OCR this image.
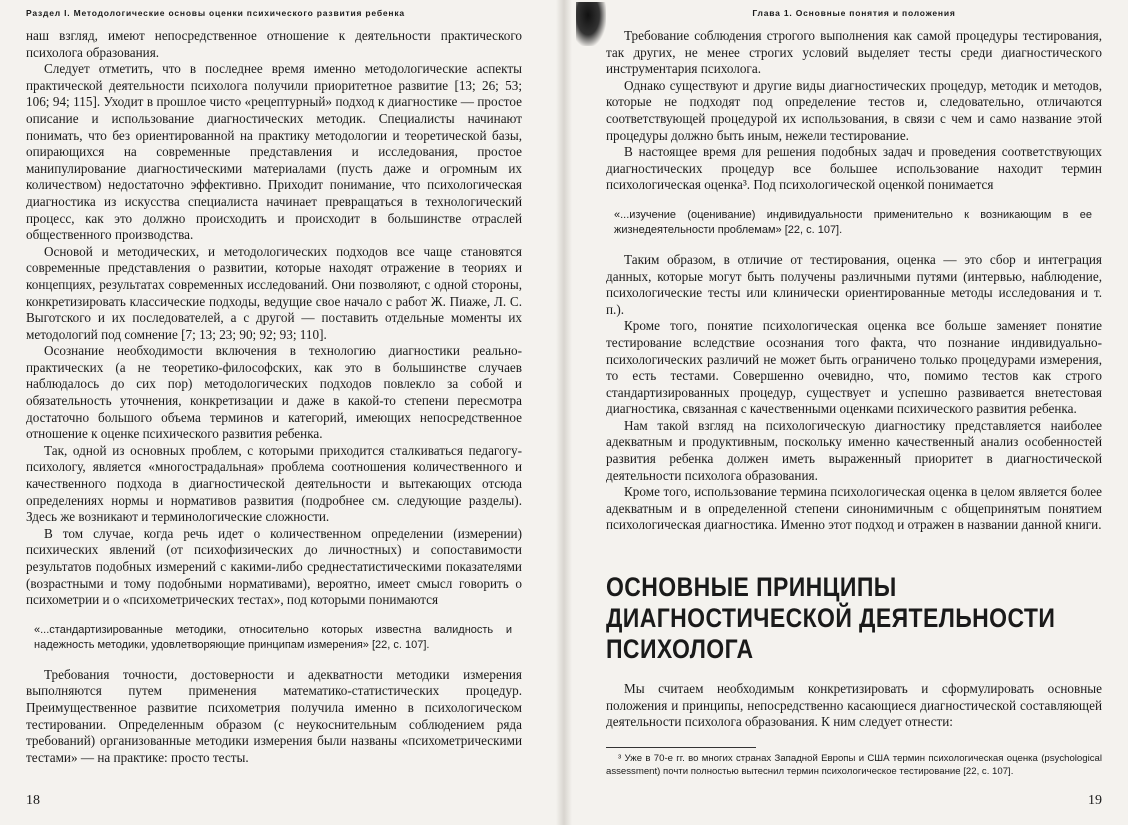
Раздел I. Методологические основы оценки психического развития ребенка

наш взгляд, имеют непосредственное отношение к деятельности практического психолога образования.

Следует отметить, что в последнее время именно методологические аспекты практической деятельности психолога получили приоритетное развитие [13; 26; 53; 106; 94; 115]. Уходит в прошлое чисто «рецептурный» подход к диагностике — простое описание и использование диагностических методик. Специалисты начинают понимать, что без ориентированной на практику методологии и теоретической базы, опирающихся на современные представления и исследования, простое манипулирование диагностическими материалами (пусть даже и огромным их количеством) недостаточно эффективно. Приходит понимание, что психологическая диагностика из искусства специалиста начинает превращаться в технологический процесс, как это должно происходить и происходит в большинстве отраслей общественного производства.

Основой и методических, и методологических подходов все чаще становятся современные представления о развитии, которые находят отражение в теориях и концепциях, результатах современных исследований. Они позволяют, с одной стороны, конкретизировать классические подходы, ведущие свое начало с работ Ж. Пиаже, Л. С. Выготского и их последователей, а с другой — поставить отдельные моменты их методологий под сомнение [7; 13; 23; 90; 92; 93; 110].

Осознание необходимости включения в технологию диагностики реально-практических (а не теоретико-философских, как это в большинстве случаев наблюдалось до сих пор) методологических подходов повлекло за собой и обязательность уточнения, конкретизации и даже в какой-то степени пересмотра достаточно большого объема терминов и категорий, имеющих непосредственное отношение к оценке психического развития ребенка.

Так, одной из основных проблем, с которыми приходится сталкиваться педагогу-психологу, является «многострадальная» проблема соотношения количественного и качественного подхода в диагностической деятельности и вытекающих отсюда определениях нормы и нормативов развития (подробнее см. следующие разделы). Здесь же возникают и терминологические сложности.

В том случае, когда речь идет о количественном определении (измерении) психических явлений (от психофизических до личностных) и сопоставимости результатов подобных измерений с какими-либо среднестатистическими показателями (возрастными и тому подобными нормативами), вероятно, имеет смысл говорить о психометрии и о «психометрических тестах», под которыми понимаются

«...стандартизированные методики, относительно которых известна валидность и надежность методики, удовлетворяющие принципам измерения» [22, с. 107].

Требования точности, достоверности и адекватности методики измерения выполняются путем применения математико-статистических процедур. Преимущественное развитие психометрия получила именно в психологическом тестировании. Определенным образом (с неукоснительным соблюдением ряда требований) организованные методики измерения были названы «психометрическими тестами» — на практике: просто тесты.

18
Глава 1. Основные понятия и положения

Требование соблюдения строгого выполнения как самой процедуры тестирования, так других, не менее строгих условий выделяет тесты среди диагностического инструментария психолога.

Однако существуют и другие виды диагностических процедур, методик и методов, которые не подходят под определение тестов и, следовательно, отличаются соответствующей процедурой их использования, в связи с чем и само название этой процедуры должно быть иным, нежели тестирование.

В настоящее время для решения подобных задач и проведения соответствующих диагностических процедур все большее использование находит термин психологическая оценка³. Под психологической оценкой понимается

«...изучение (оценивание) индивидуальности применительно к возникающим в ее жизнедеятельности проблемам» [22, с. 107].

Таким образом, в отличие от тестирования, оценка — это сбор и интеграция данных, которые могут быть получены различными путями (интервью, наблюдение, психологические тесты или клинически ориентированные методы исследования и т. п.).

Кроме того, понятие психологическая оценка все больше заменяет понятие тестирование вследствие осознания того факта, что познание индивидуально-психологических различий не может быть ограничено только процедурами измерения, то есть тестами. Совершенно очевидно, что, помимо тестов как строго стандартизированных процедур, существует и успешно развивается внетестовая диагностика, связанная с качественными оценками психического развития ребенка.

Нам такой взгляд на психологическую диагностику представляется наиболее адекватным и продуктивным, поскольку именно качественный анализ особенностей развития ребенка должен иметь выраженный приоритет в диагностической деятельности психолога образования.

Кроме того, использование термина психологическая оценка в целом является более адекватным и в определенной степени синонимичным с общепринятым понятием психологическая диагностика. Именно этот подход и отражен в названии данной книги.

ОСНОВНЫЕ ПРИНЦИПЫ ДИАГНОСТИЧЕСКОЙ ДЕЯТЕЛЬНОСТИ ПСИХОЛОГА

Мы считаем необходимым конкретизировать и сформулировать основные положения и принципы, непосредственно касающиеся диагностической составляющей деятельности психолога образования. К ним следует отнести:

³ Уже в 70-е гг. во многих странах Западной Европы и США термин психологическая оценка (psychological assessment) почти полностью вытеснил термин психологическое тестирование [22, с. 107].
19
